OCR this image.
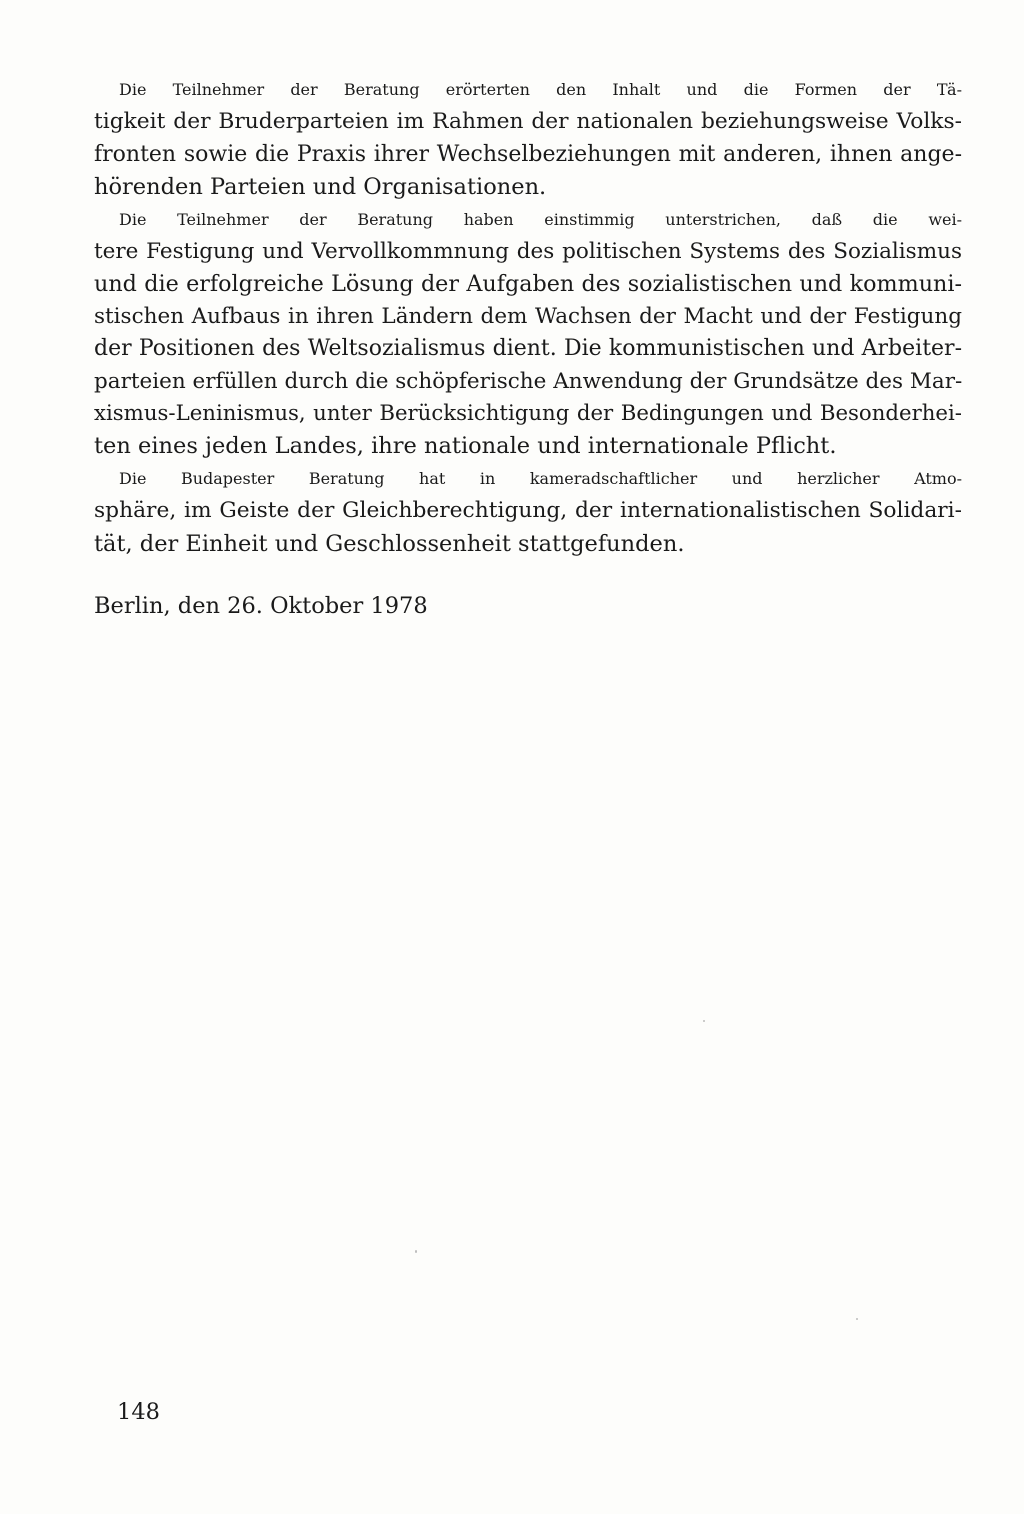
Die Teilnehmer der Beratung erörterten den Inhalt und die Formen der Tä-
tigkeit der Bruderparteien im Rahmen der nationalen beziehungsweise Volks-
fronten sowie die Praxis ihrer Wechselbeziehungen mit anderen, ihnen ange-
hörenden Parteien und Organisationen.

Die Teilnehmer der Beratung haben einstimmig unterstrichen, daß die wei-
tere Festigung und Vervollkommnung des politischen Systems des Sozialismus
und die erfolgreiche Lösung der Aufgaben des sozialistischen und kommuni-
stischen Aufbaus in ihren Ländern dem Wachsen der Macht und der Festigung
der Positionen des Weltsozialismus dient. Die kommunistischen und Arbeiter-
parteien erfüllen durch die schöpferische Anwendung der Grundsätze des Mar-
xismus-Leninismus, unter Berücksichtigung der Bedingungen und Besonderhei-
ten eines jeden Landes, ihre nationale und internationale Pflicht.

Die Budapester Beratung hat in kameradschaftlicher und herzlicher Atmo-
sphäre, im Geiste der Gleichberechtigung, der internationalistischen Solidari-
tät, der Einheit und Geschlossenheit stattgefunden.

Berlin, den 26. Oktober 1978

148
